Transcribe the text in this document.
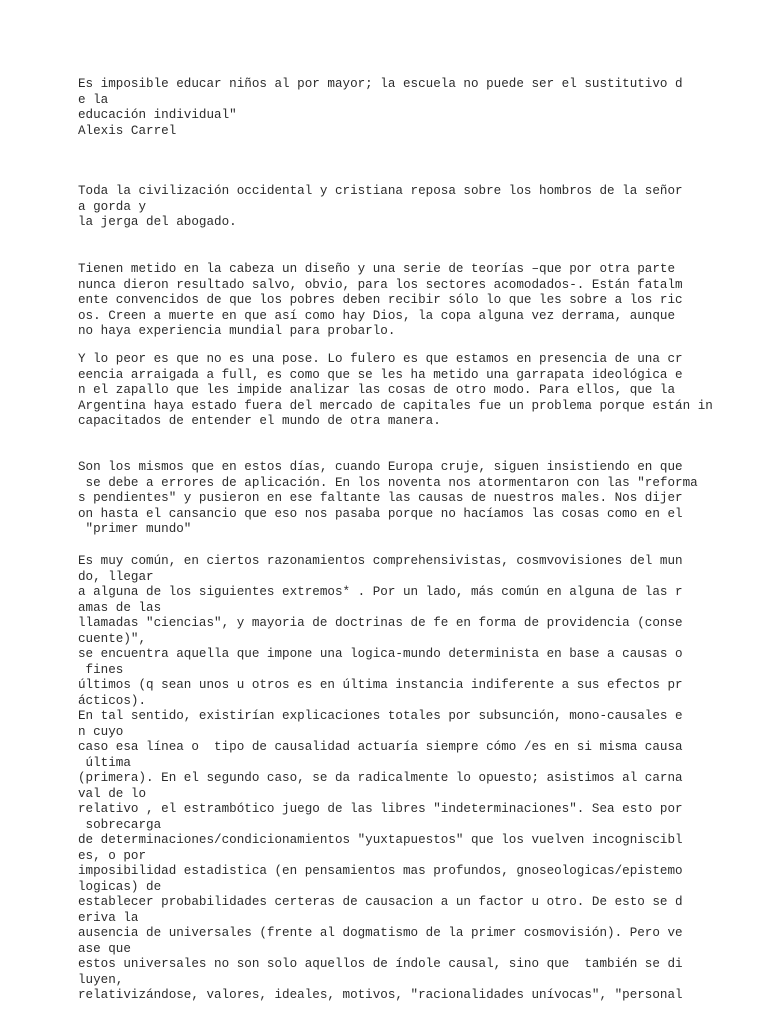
Es imposible educar niños al por mayor; la escuela no puede ser el sustitutivo d
e la
educación individual"
Alexis Carrel
Toda la civilización occidental y cristiana reposa sobre los hombros de la señor
a gorda y
la jerga del abogado.
Tienen metido en la cabeza un diseño y una serie de teorías –que por otra parte
nunca dieron resultado salvo, obvio, para los sectores acomodados-. Están fatalm
ente convencidos de que los pobres deben recibir sólo lo que les sobre a los ric
os. Creen a muerte en que así como hay Dios, la copa alguna vez derrama, aunque
no haya experiencia mundial para probarlo.
Y lo peor es que no es una pose. Lo fulero es que estamos en presencia de una cr
eencia arraigada a full, es como que se les ha metido una garrapata ideológica e
n el zapallo que les impide analizar las cosas de otro modo. Para ellos, que la
Argentina haya estado fuera del mercado de capitales fue un problema porque están in
capacitados de entender el mundo de otra manera.
Son los mismos que en estos días, cuando Europa cruje, siguen insistiendo en que
se debe a errores de aplicación. En los noventa nos atormentaron con las "reforma
s pendientes" y pusieron en ese faltante las causas de nuestros males. Nos dijer
on hasta el cansancio que eso nos pasaba porque no hacíamos las cosas como en el
"primer mundo"
Es muy común, en ciertos razonamientos comprehensivistas, cosmvovisiones del mun
do, llegar
a alguna de los siguientes extremos* . Por un lado, más común en alguna de las r
amas de las
llamadas "ciencias", y mayoria de doctrinas de fe en forma de providencia (conse
cuente)",
se encuentra aquella que impone una logica-mundo determinista en base a causas o
fines
últimos (q sean unos u otros es en última instancia indiferente a sus efectos pr
ácticos).
En tal sentido, existirían explicaciones totales por subsunción, mono-causales e
n cuyo
caso esa línea o  tipo de causalidad actuaría siempre cómo /es en si misma causa
última
(primera). En el segundo caso, se da radicalmente lo opuesto; asistimos al carna
val de lo
relativo , el estrambótico juego de las libres "indeterminaciones". Sea esto por
sobrecarga
de determinaciones/condicionamientos "yuxtapuestos" que los vuelven incogniscibl
es, o por
imposibilidad estadistica (en pensamientos mas profundos, gnoseologicas/epistemo
logicas) de
establecer probabilidades certeras de causacion a un factor u otro. De esto se d
eriva la
ausencia de universales (frente al dogmatismo de la primer cosmovisión). Pero ve
ase que
estos universales no son solo aquellos de índole causal, sino que  también se di
luyen,
relativizándose, valores, ideales, motivos, "racionalidades unívocas", "personal
